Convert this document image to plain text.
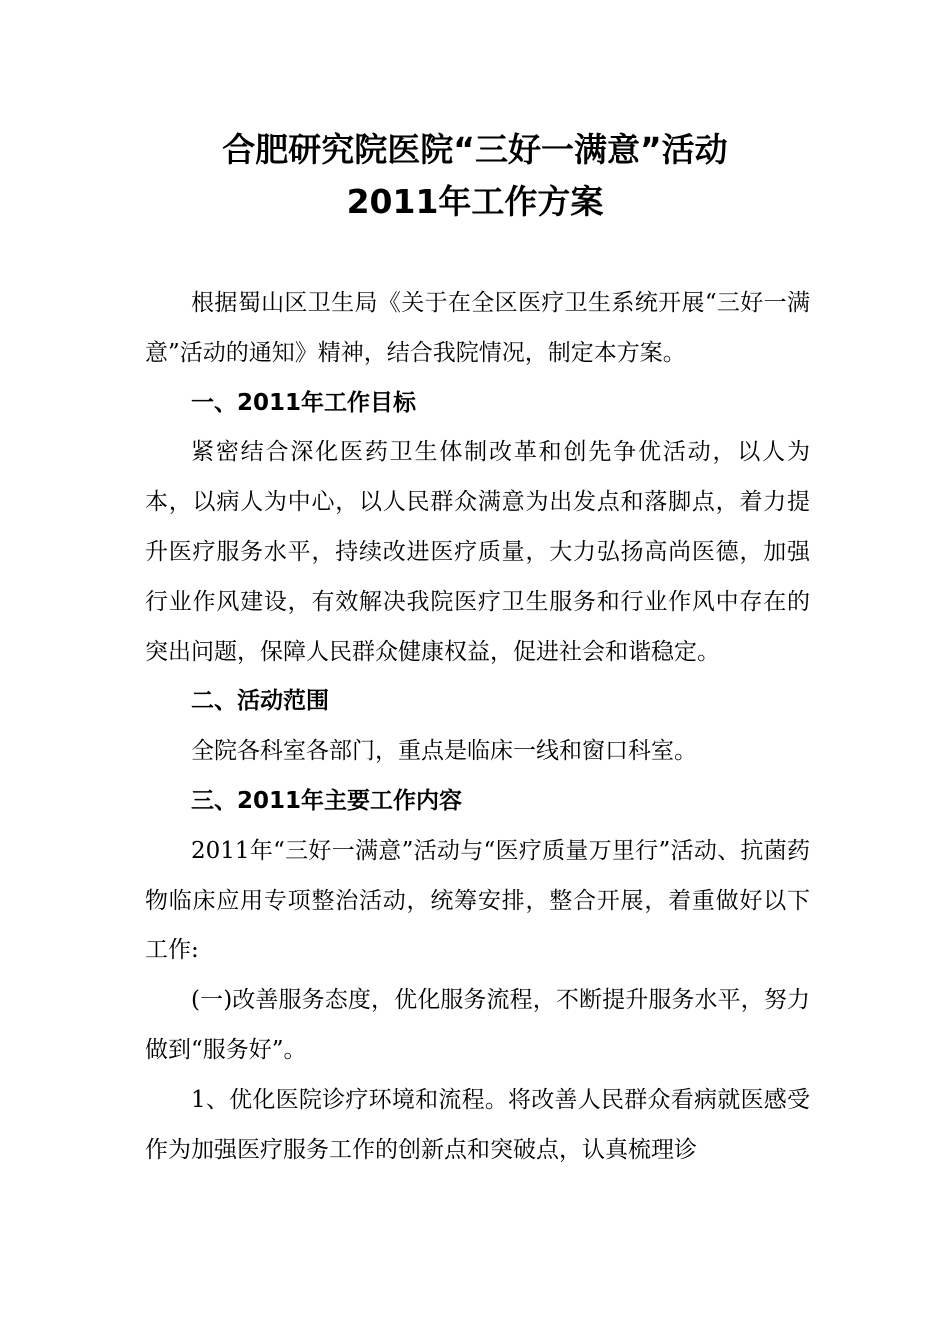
合肥研究院医院“三好一满意”活动
2011年工作方案

根据蜀山区卫生局《关于在全区医疗卫生系统开展“三好一满意”活动的通知》精神，结合我院情况，制定本方案。

一、2011年工作目标

紧密结合深化医药卫生体制改革和创先争优活动，以人为本，以病人为中心，以人民群众满意为出发点和落脚点，着力提升医疗服务水平，持续改进医疗质量，大力弘扬高尚医德，加强行业作风建设，有效解决我院医疗卫生服务和行业作风中存在的突出问题，保障人民群众健康权益，促进社会和谐稳定。

二、活动范围

全院各科室各部门，重点是临床一线和窗口科室。

三、2011年主要工作内容

2011年“三好一满意”活动与“医疗质量万里行”活动、抗菌药物临床应用专项整治活动，统筹安排，整合开展，着重做好以下工作:

(一)改善服务态度，优化服务流程，不断提升服务水平，努力做到“服务好”。

1、优化医院诊疗环境和流程。将改善人民群众看病就医感受作为加强医疗服务工作的创新点和突破点，认真梳理诊
